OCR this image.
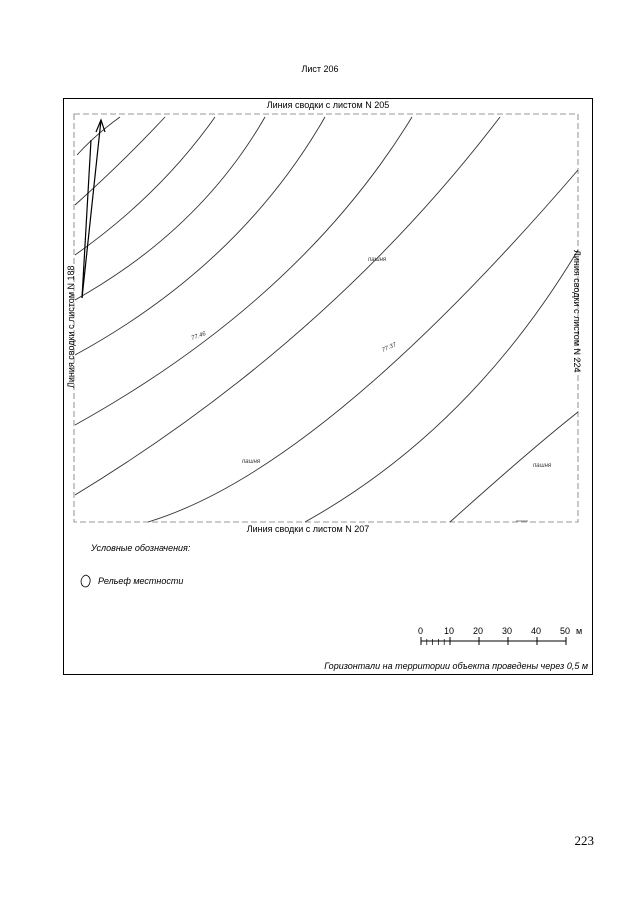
Лист 206
пашня
пашня
пашня
77.46
77.37
Линия сводки с листом N 205
Линия сводки с листом N 207
Линия сводки с листом N 188	Линия сводки с листом N 224
Условные обозначения:
Рельеф местности
0 10 20 30 40 50 м
Горизонтали на территории объекта проведены через 0,5 м
223
